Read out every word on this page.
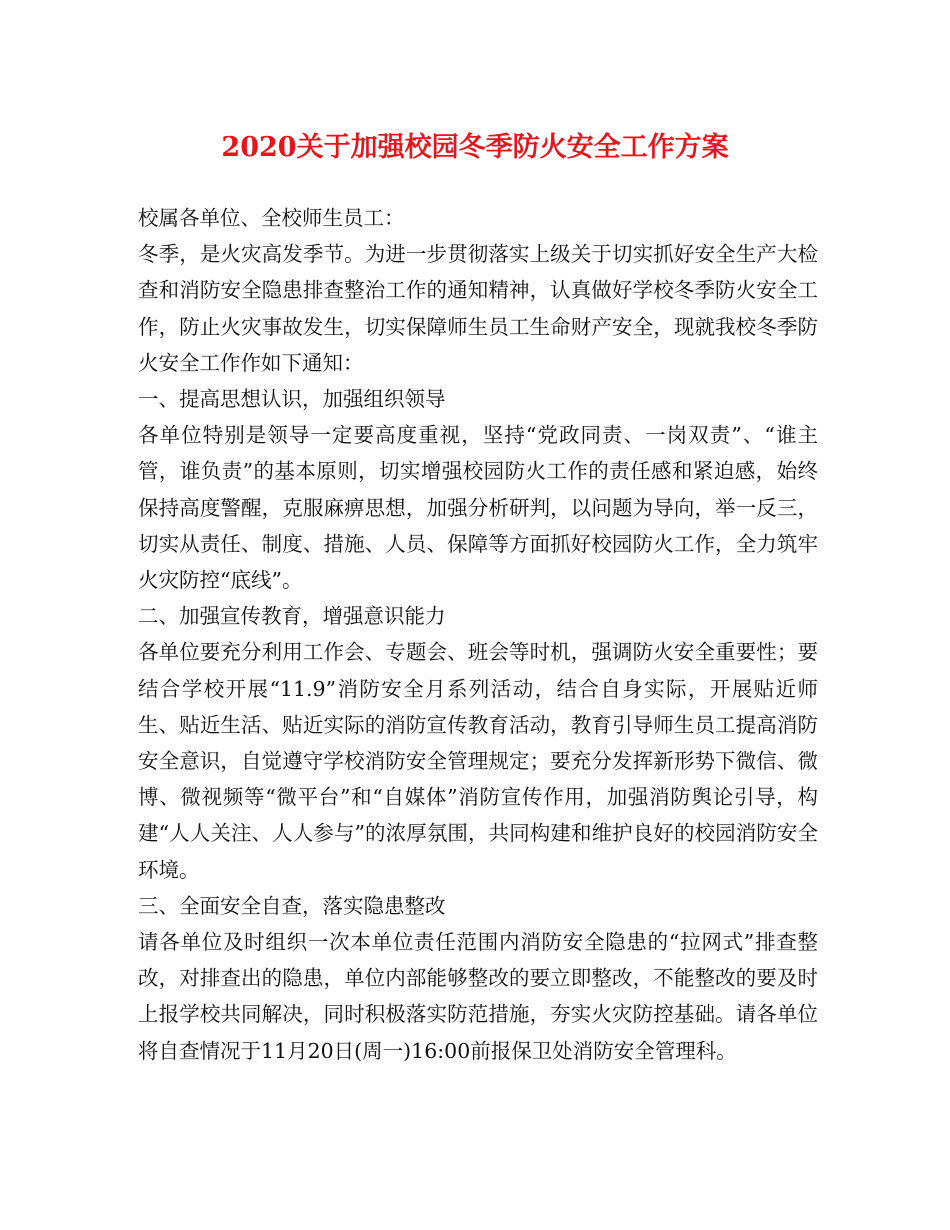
2020关于加强校园冬季防火安全工作方案

校属各单位、全校师生员工：

冬季，是火灾高发季节。为进一步贯彻落实上级关于切实抓好安全生产大检查和消防安全隐患排查整治工作的通知精神，认真做好学校冬季防火安全工作，防止火灾事故发生，切实保障师生员工生命财产安全，现就我校冬季防火安全工作作如下通知：

一、提高思想认识，加强组织领导

各单位特别是领导一定要高度重视，坚持“党政同责、一岗双责”、“谁主管，谁负责”的基本原则，切实增强校园防火工作的责任感和紧迫感，始终保持高度警醒，克服麻痹思想，加强分析研判，以问题为导向，举一反三，切实从责任、制度、措施、人员、保障等方面抓好校园防火工作，全力筑牢火灾防控“底线”。

二、加强宣传教育，增强意识能力

各单位要充分利用工作会、专题会、班会等时机，强调防火安全重要性；要结合学校开展“11.9”消防安全月系列活动，结合自身实际，开展贴近师生、贴近生活、贴近实际的消防宣传教育活动，教育引导师生员工提高消防安全意识，自觉遵守学校消防安全管理规定；要充分发挥新形势下微信、微博、微视频等“微平台”和“自媒体”消防宣传作用，加强消防舆论引导，构建“人人关注、人人参与”的浓厚氛围，共同构建和维护良好的校园消防安全环境。

三、全面安全自查，落实隐患整改

请各单位及时组织一次本单位责任范围内消防安全隐患的“拉网式”排查整改，对排查出的隐患，单位内部能够整改的要立即整改，不能整改的要及时上报学校共同解决，同时积极落实防范措施，夯实火灾防控基础。请各单位将自查情况于11月20日(周一)16:00前报保卫处消防安全管理科。
